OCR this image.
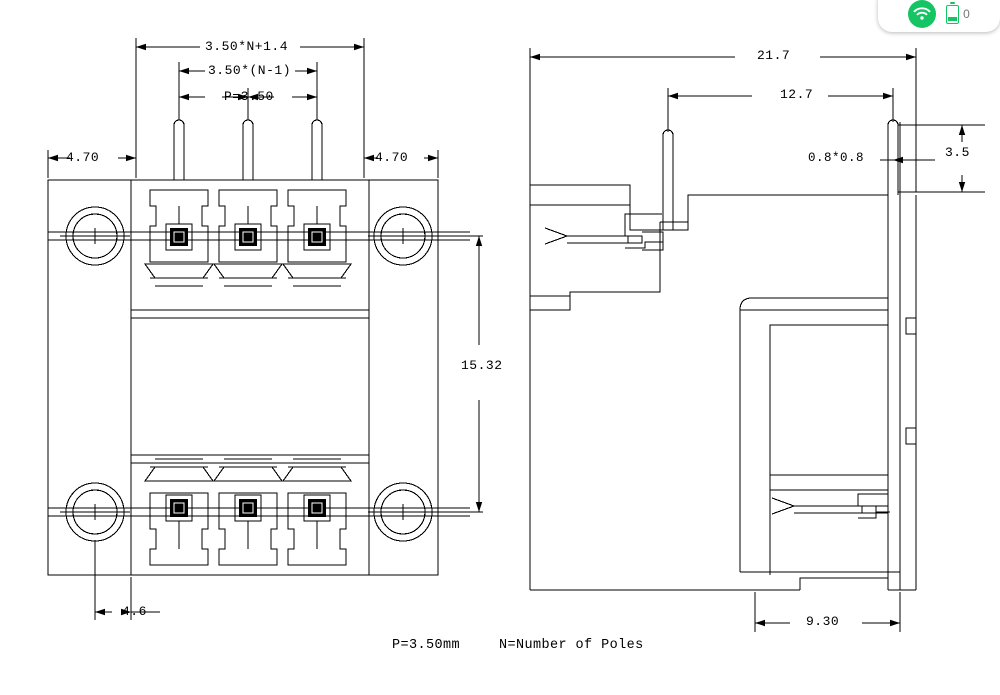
3.50*N+1.4
3.50*(N-1)
P=3.50
4.70	4.70
15.32
4.6
21.7
12.7
0.8*0.8	3.5
9.30
P=3.50mm	N=Number of Poles
0
